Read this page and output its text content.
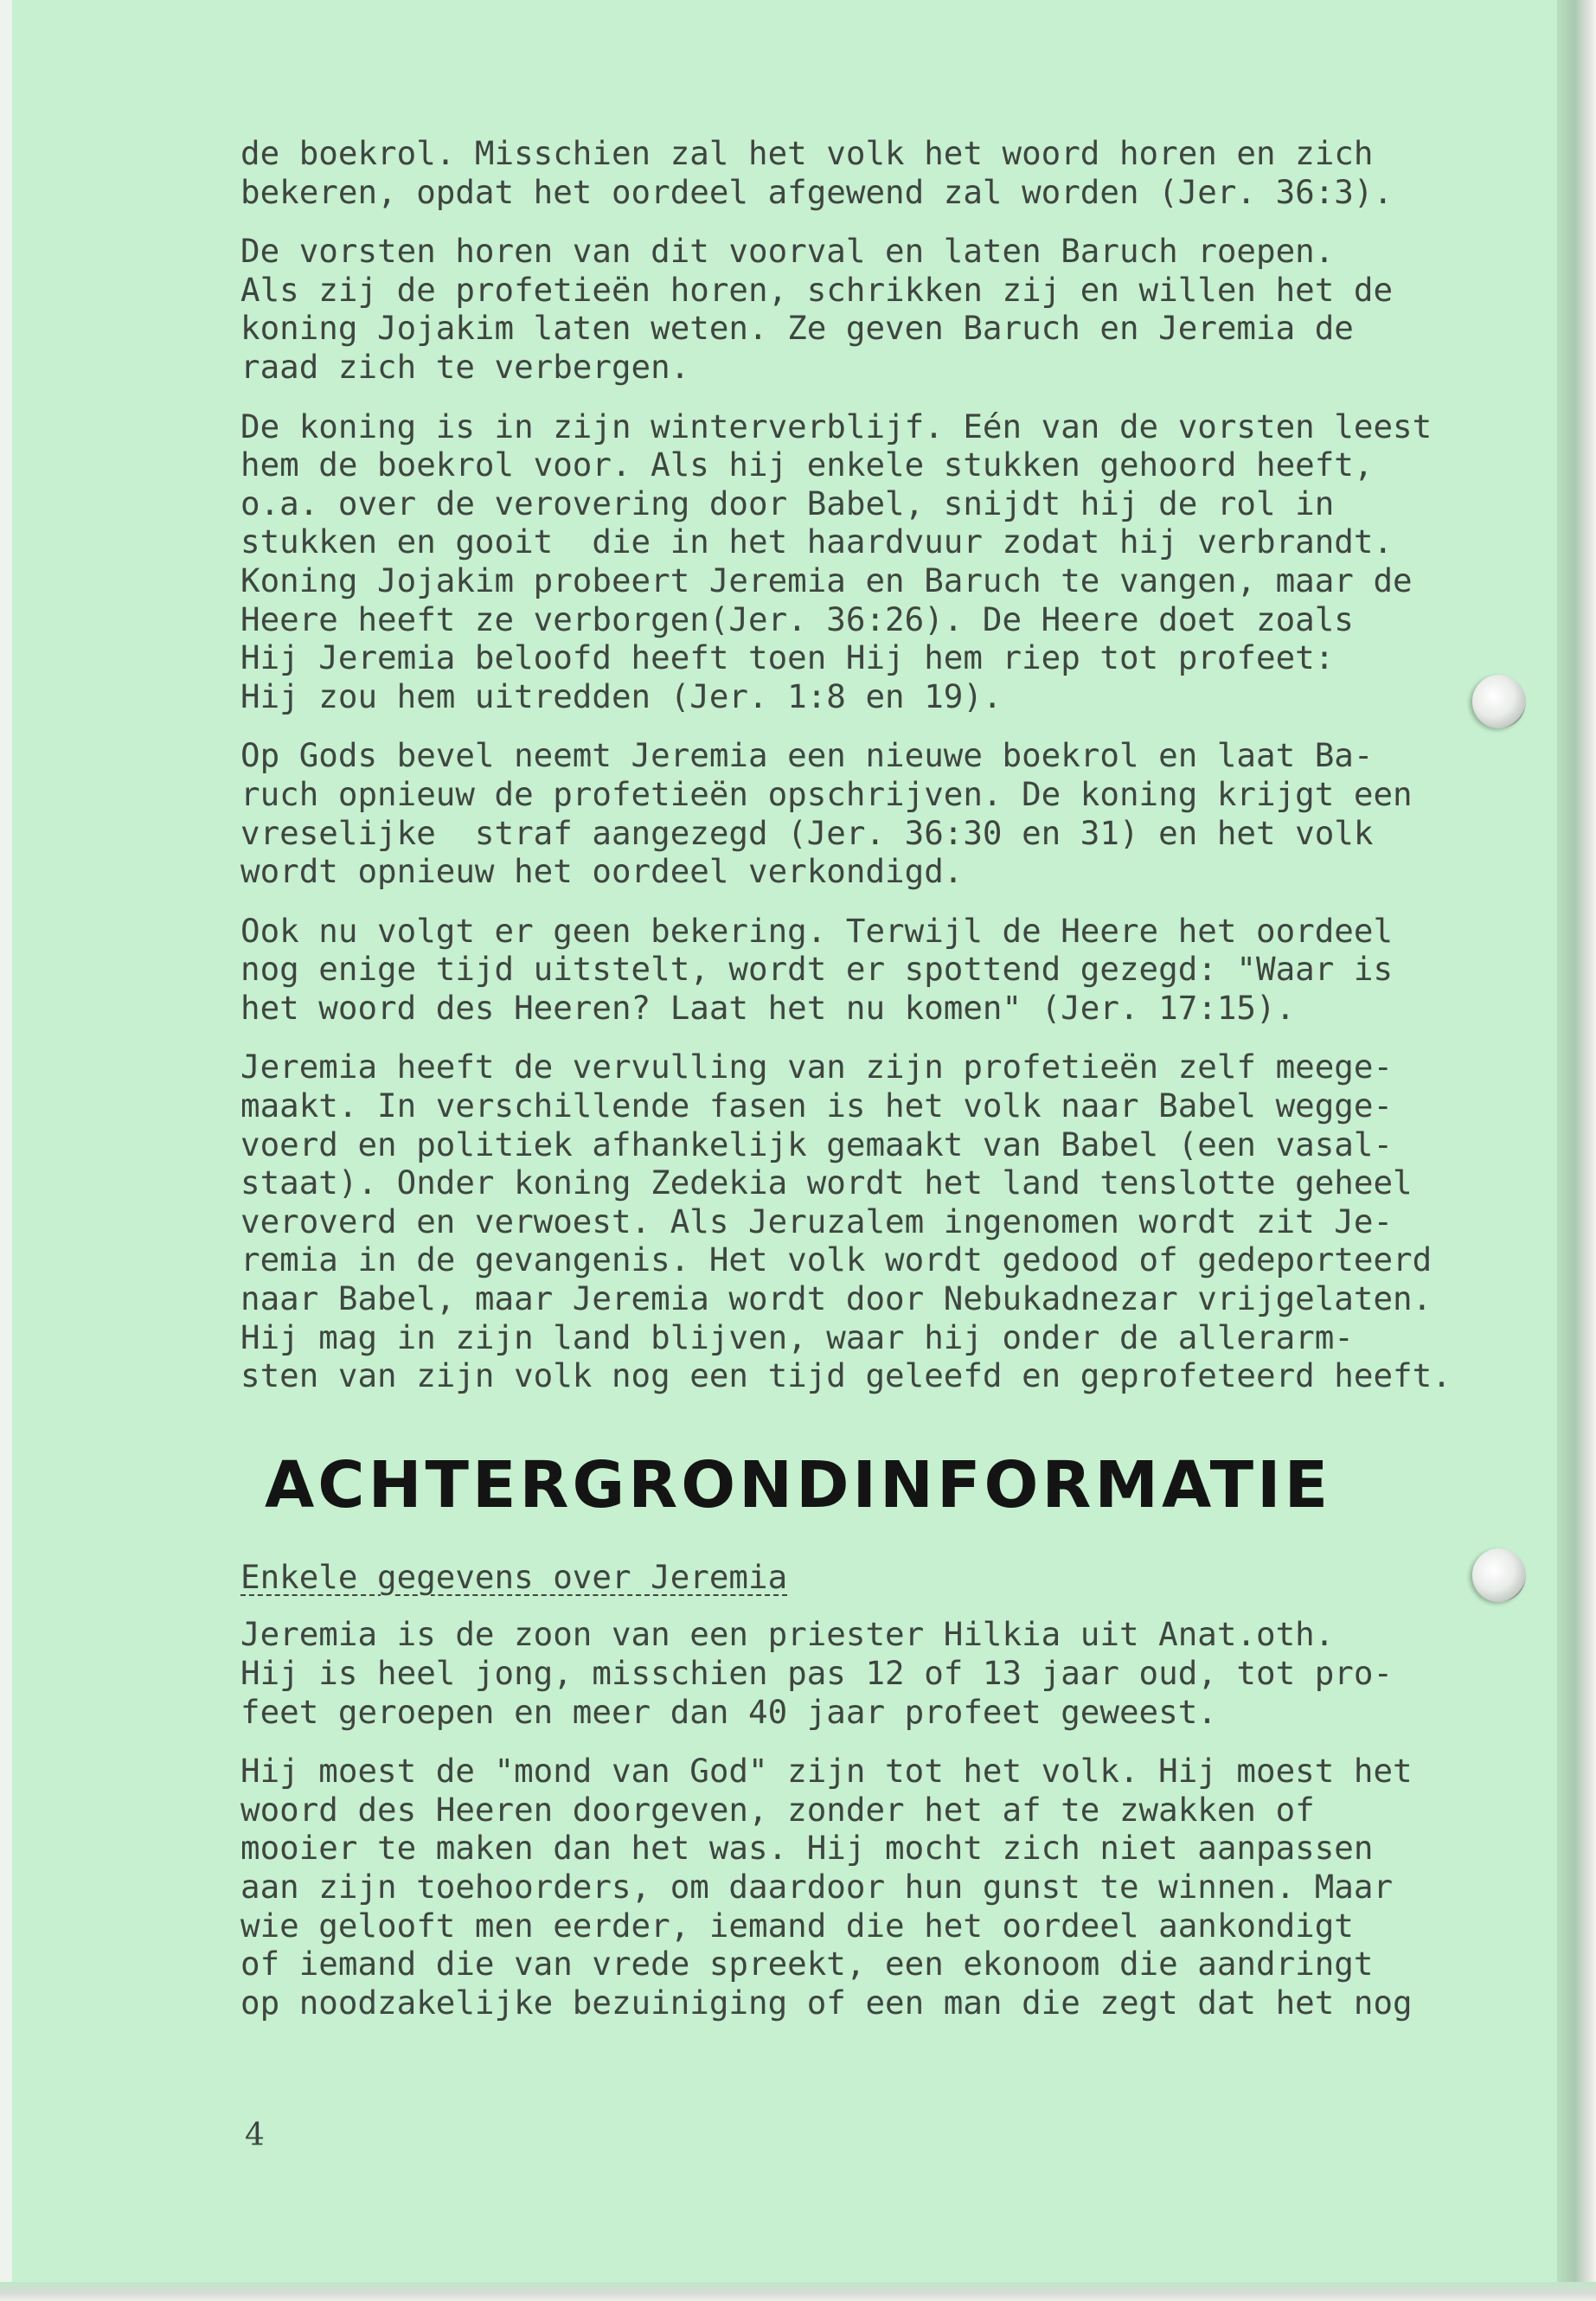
de boekrol. Misschien zal het volk het woord horen en zich
bekeren, opdat het oordeel afgewend zal worden (Jer. 36:3).
De vorsten horen van dit voorval en laten Baruch roepen.
Als zij de profetieën horen, schrikken zij en willen het de
koning Jojakim laten weten. Ze geven Baruch en Jeremia de
raad zich te verbergen.
De koning is in zijn winterverblijf. Eén van de vorsten leest
hem de boekrol voor. Als hij enkele stukken gehoord heeft,
o.a. over de verovering door Babel, snijdt hij de rol in
stukken en gooit  die in het haardvuur zodat hij verbrandt.
Koning Jojakim probeert Jeremia en Baruch te vangen, maar de
Heere heeft ze verborgen(Jer. 36:26). De Heere doet zoals
Hij Jeremia beloofd heeft toen Hij hem riep tot profeet:
Hij zou hem uitredden (Jer. 1:8 en 19).
Op Gods bevel neemt Jeremia een nieuwe boekrol en laat Ba-
ruch opnieuw de profetieën opschrijven. De koning krijgt een
vreselijke  straf aangezegd (Jer. 36:30 en 31) en het volk
wordt opnieuw het oordeel verkondigd.
Ook nu volgt er geen bekering. Terwijl de Heere het oordeel
nog enige tijd uitstelt, wordt er spottend gezegd: "Waar is
het woord des Heeren? Laat het nu komen" (Jer. 17:15).
Jeremia heeft de vervulling van zijn profetieën zelf meege-
maakt. In verschillende fasen is het volk naar Babel wegge-
voerd en politiek afhankelijk gemaakt van Babel (een vasal-
staat). Onder koning Zedekia wordt het land tenslotte geheel
veroverd en verwoest. Als Jeruzalem ingenomen wordt zit Je-
remia in de gevangenis. Het volk wordt gedood of gedeporteerd
naar Babel, maar Jeremia wordt door Nebukadnezar vrijgelaten.
Hij mag in zijn land blijven, waar hij onder de allerarm-
sten van zijn volk nog een tijd geleefd en geprofeteerd heeft.
ACHTERGRONDINFORMATIE
Enkele gegevens over Jeremia
Jeremia is de zoon van een priester Hilkia uit Anat.oth.
Hij is heel jong, misschien pas 12 of 13 jaar oud, tot pro-
feet geroepen en meer dan 40 jaar profeet geweest.
Hij moest de "mond van God" zijn tot het volk. Hij moest het
woord des Heeren doorgeven, zonder het af te zwakken of
mooier te maken dan het was. Hij mocht zich niet aanpassen
aan zijn toehoorders, om daardoor hun gunst te winnen. Maar
wie gelooft men eerder, iemand die het oordeel aankondigt
of iemand die van vrede spreekt, een ekonoom die aandringt
op noodzakelijke bezuiniging of een man die zegt dat het nog
4
